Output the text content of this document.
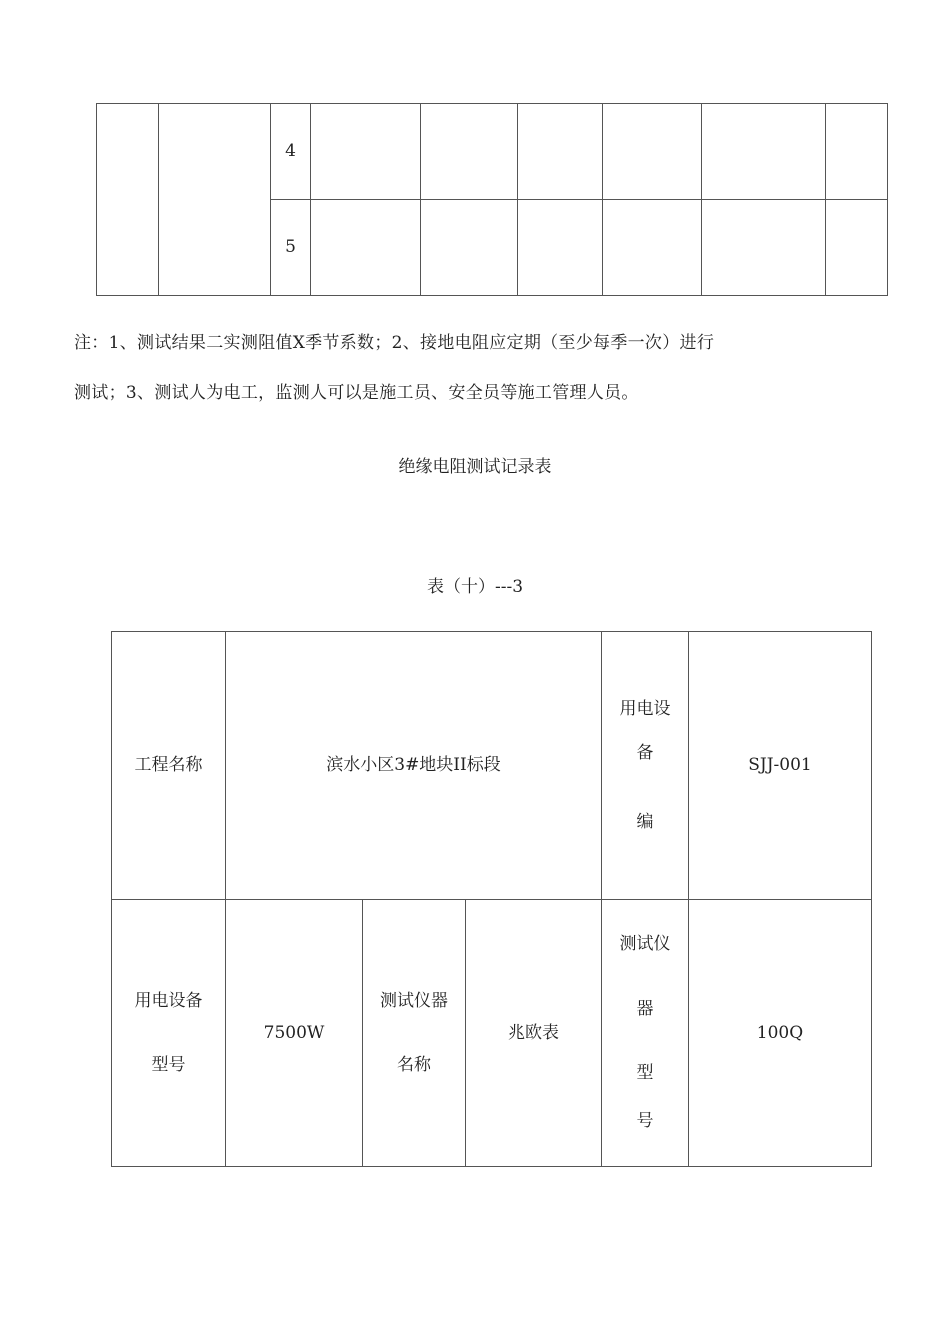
4
5
注：1、测试结果二实测阻值X季节系数；2、接地电阻应定期（至少每季一次）进行
测试；3、测试人为电工，监测人可以是施工员、安全员等施工管理人员。
绝缘电阻测试记录表
表（十）---3
工程名称	滨水小区3#地块II标段
用电设
备
编
SJJ-001
用电设备
型号
7500W
测试仪器
名称
兆欧表
测试仪
器
型
号
100Q
